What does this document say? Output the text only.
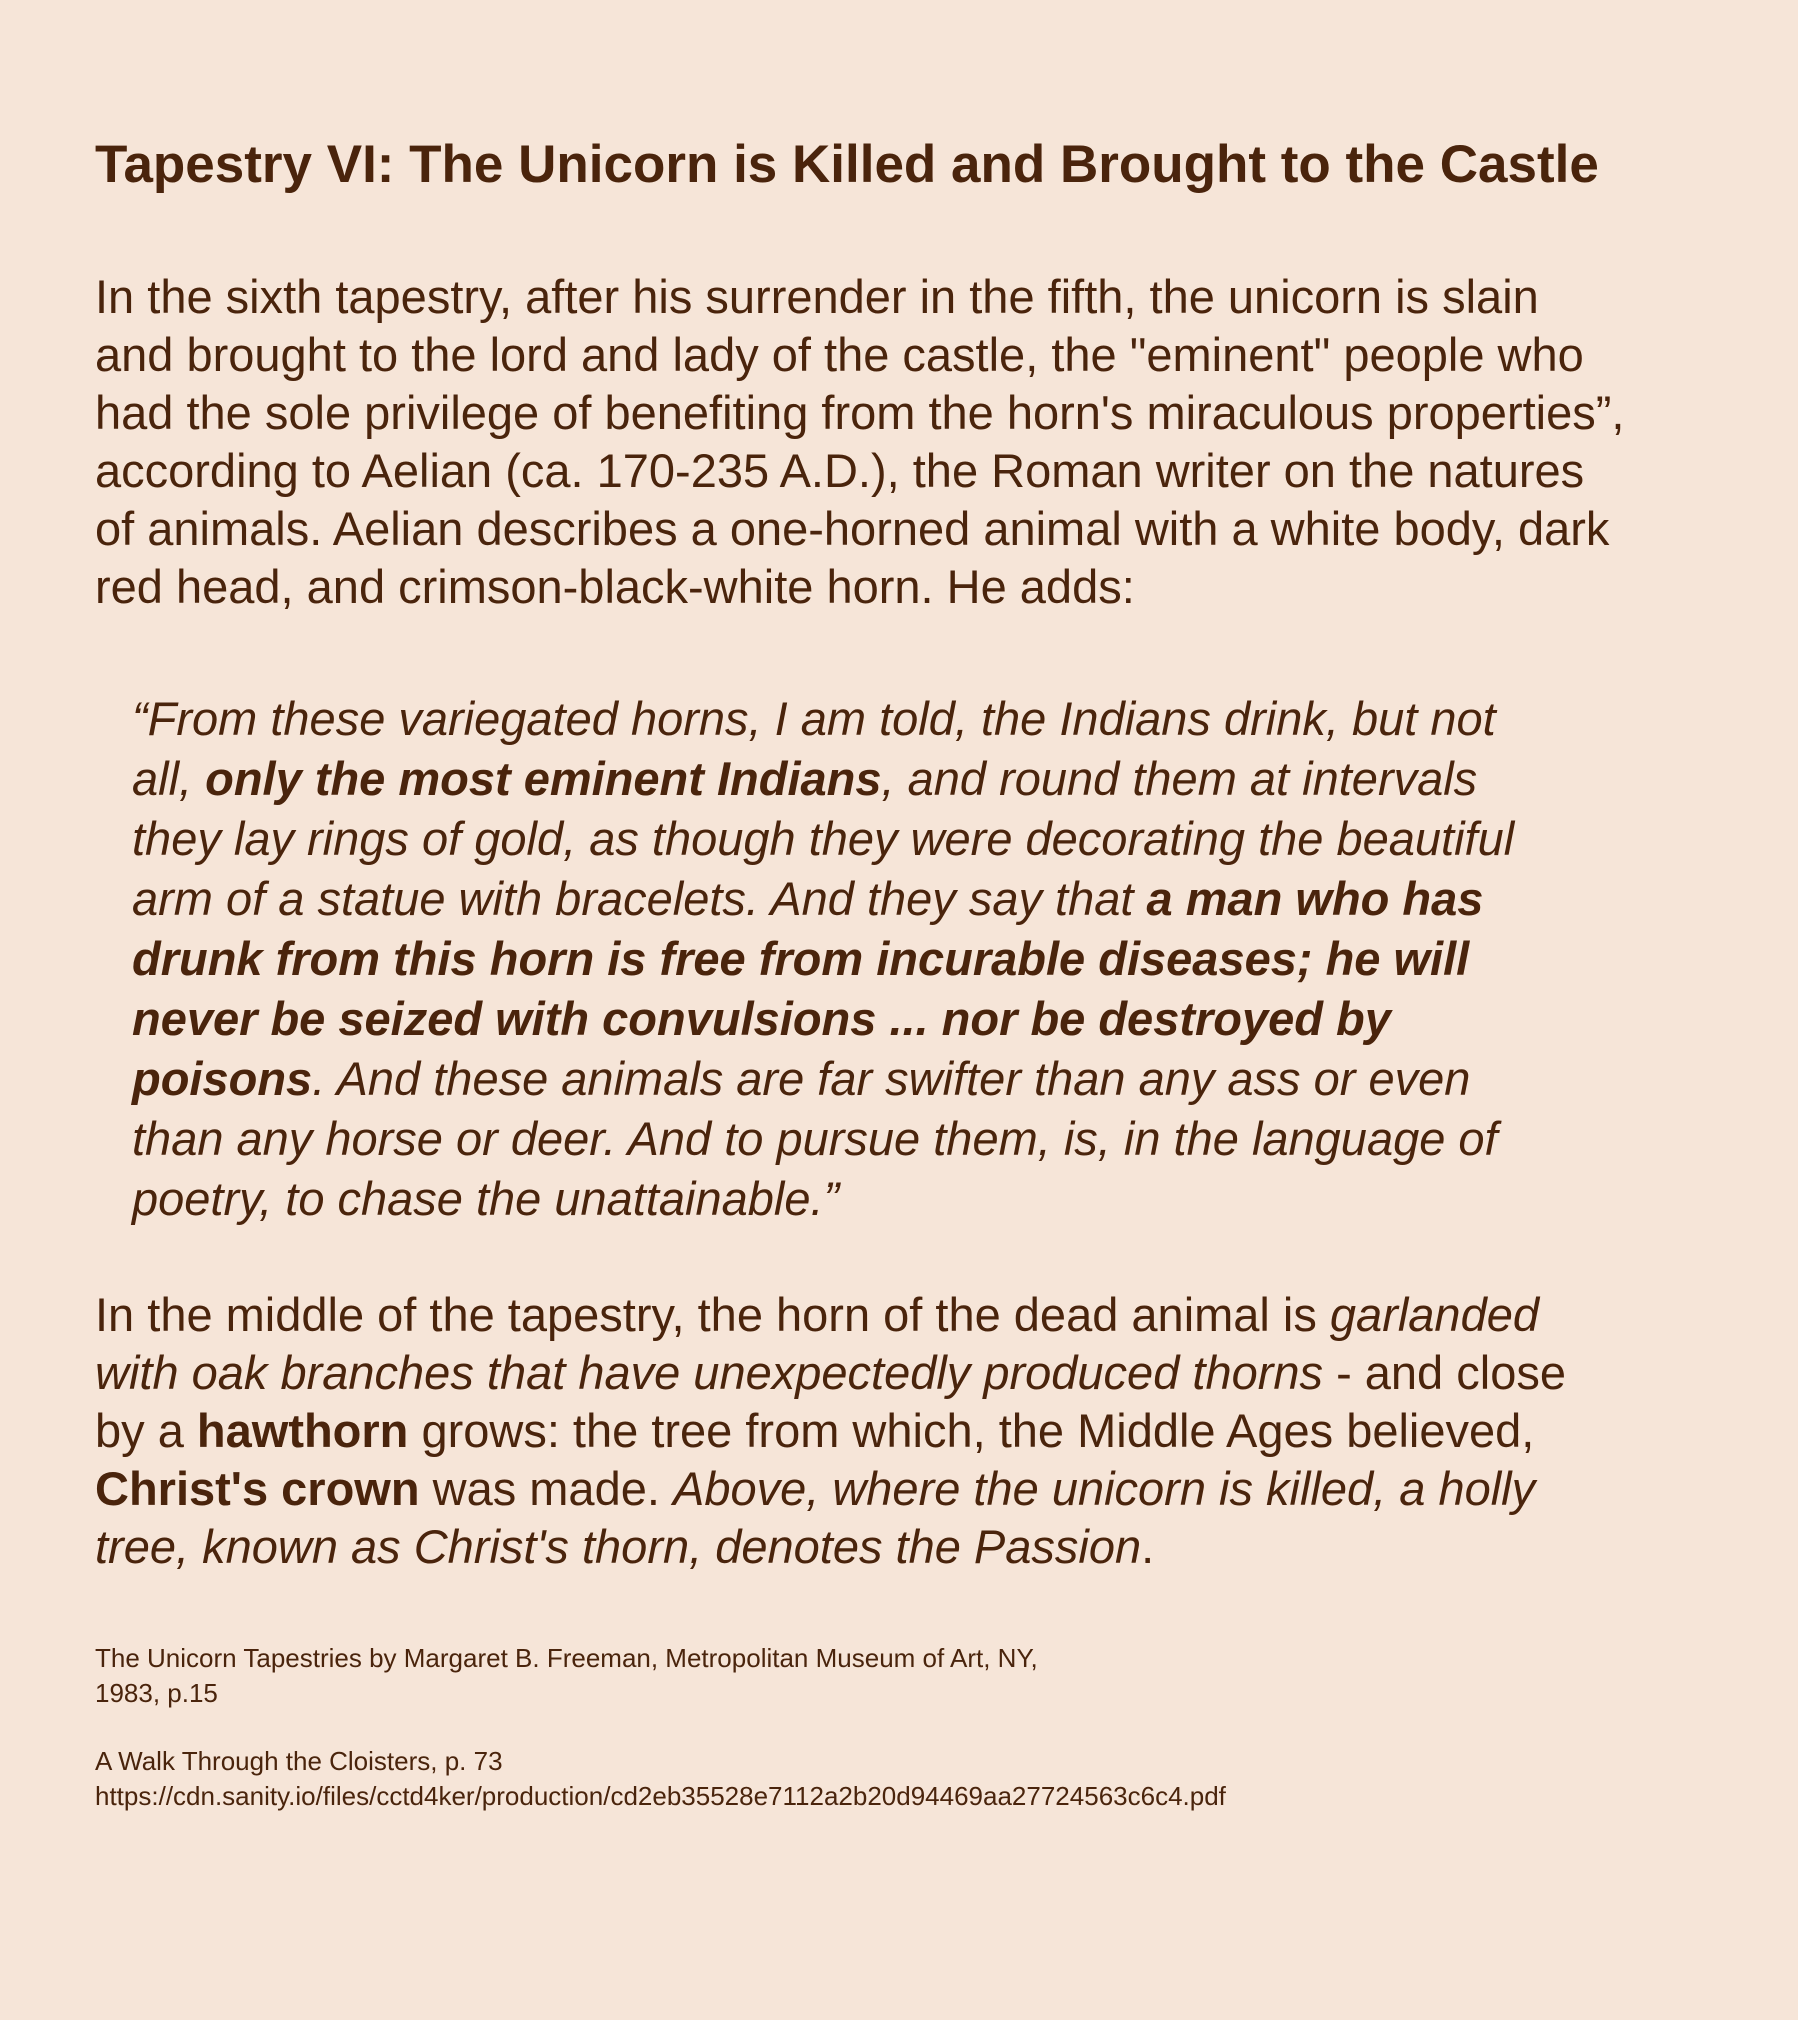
Tapestry VI: The Unicorn is Killed and Brought to the Castle

In the sixth tapestry, after his surrender in the fifth, the unicorn is slain
and brought to the lord and lady of the castle, the "eminent" people who
had the sole privilege of benefiting from the horn's miraculous properties”,
according to Aelian (ca. 170-235 A.D.), the Roman writer on the natures
of animals. Aelian describes a one-horned animal with a white body, dark
red head, and crimson-black-white horn. He adds:

“From these variegated horns, I am told, the Indians drink, but not
all, only the most eminent Indians, and round them at intervals
they lay rings of gold, as though they were decorating the beautiful
arm of a statue with bracelets. And they say that a man who has
drunk from this horn is free from incurable diseases; he will
never be seized with convulsions ... nor be destroyed by
poisons. And these animals are far swifter than any ass or even
than any horse or deer. And to pursue them, is, in the language of
poetry, to chase the unattainable.”

In the middle of the tapestry, the horn of the dead animal is garlanded
with oak branches that have unexpectedly produced thorns - and close
by a hawthorn grows: the tree from which, the Middle Ages believed,
Christ's crown was made. Above, where the unicorn is killed, a holly
tree, known as Christ's thorn, denotes the Passion.

The Unicorn Tapestries by Margaret B. Freeman, Metropolitan Museum of Art, NY,
1983, p.15

A Walk Through the Cloisters, p. 73
https://cdn.sanity.io/files/cctd4ker/production/cd2eb35528e7112a2b20d94469aa27724563c6c4.pdf
